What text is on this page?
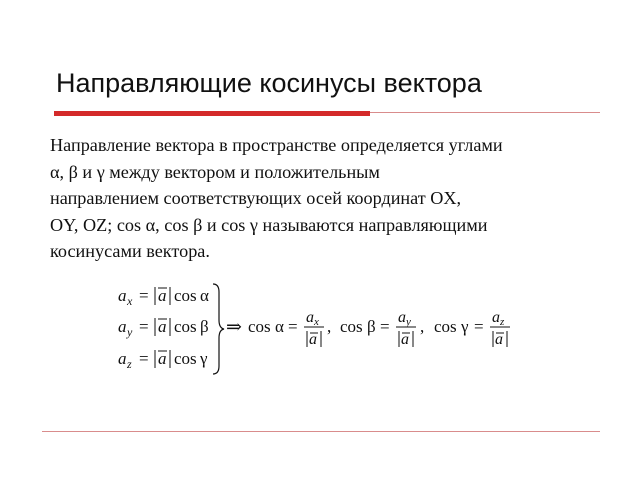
Направляющие косинусы вектора
Направление вектора в пространстве определяется углами
α, β и γ между вектором и положительным
направлением соответствующих осей координат OX,
OY, OZ; cos α, cos β и cos γ называются направляющими
косинусами вектора.
a x = a cos α
a y = a cos β
a z = a cos γ
⇒ cos α = a x
a
, cos β = a y
a
, cos γ = a z
a
